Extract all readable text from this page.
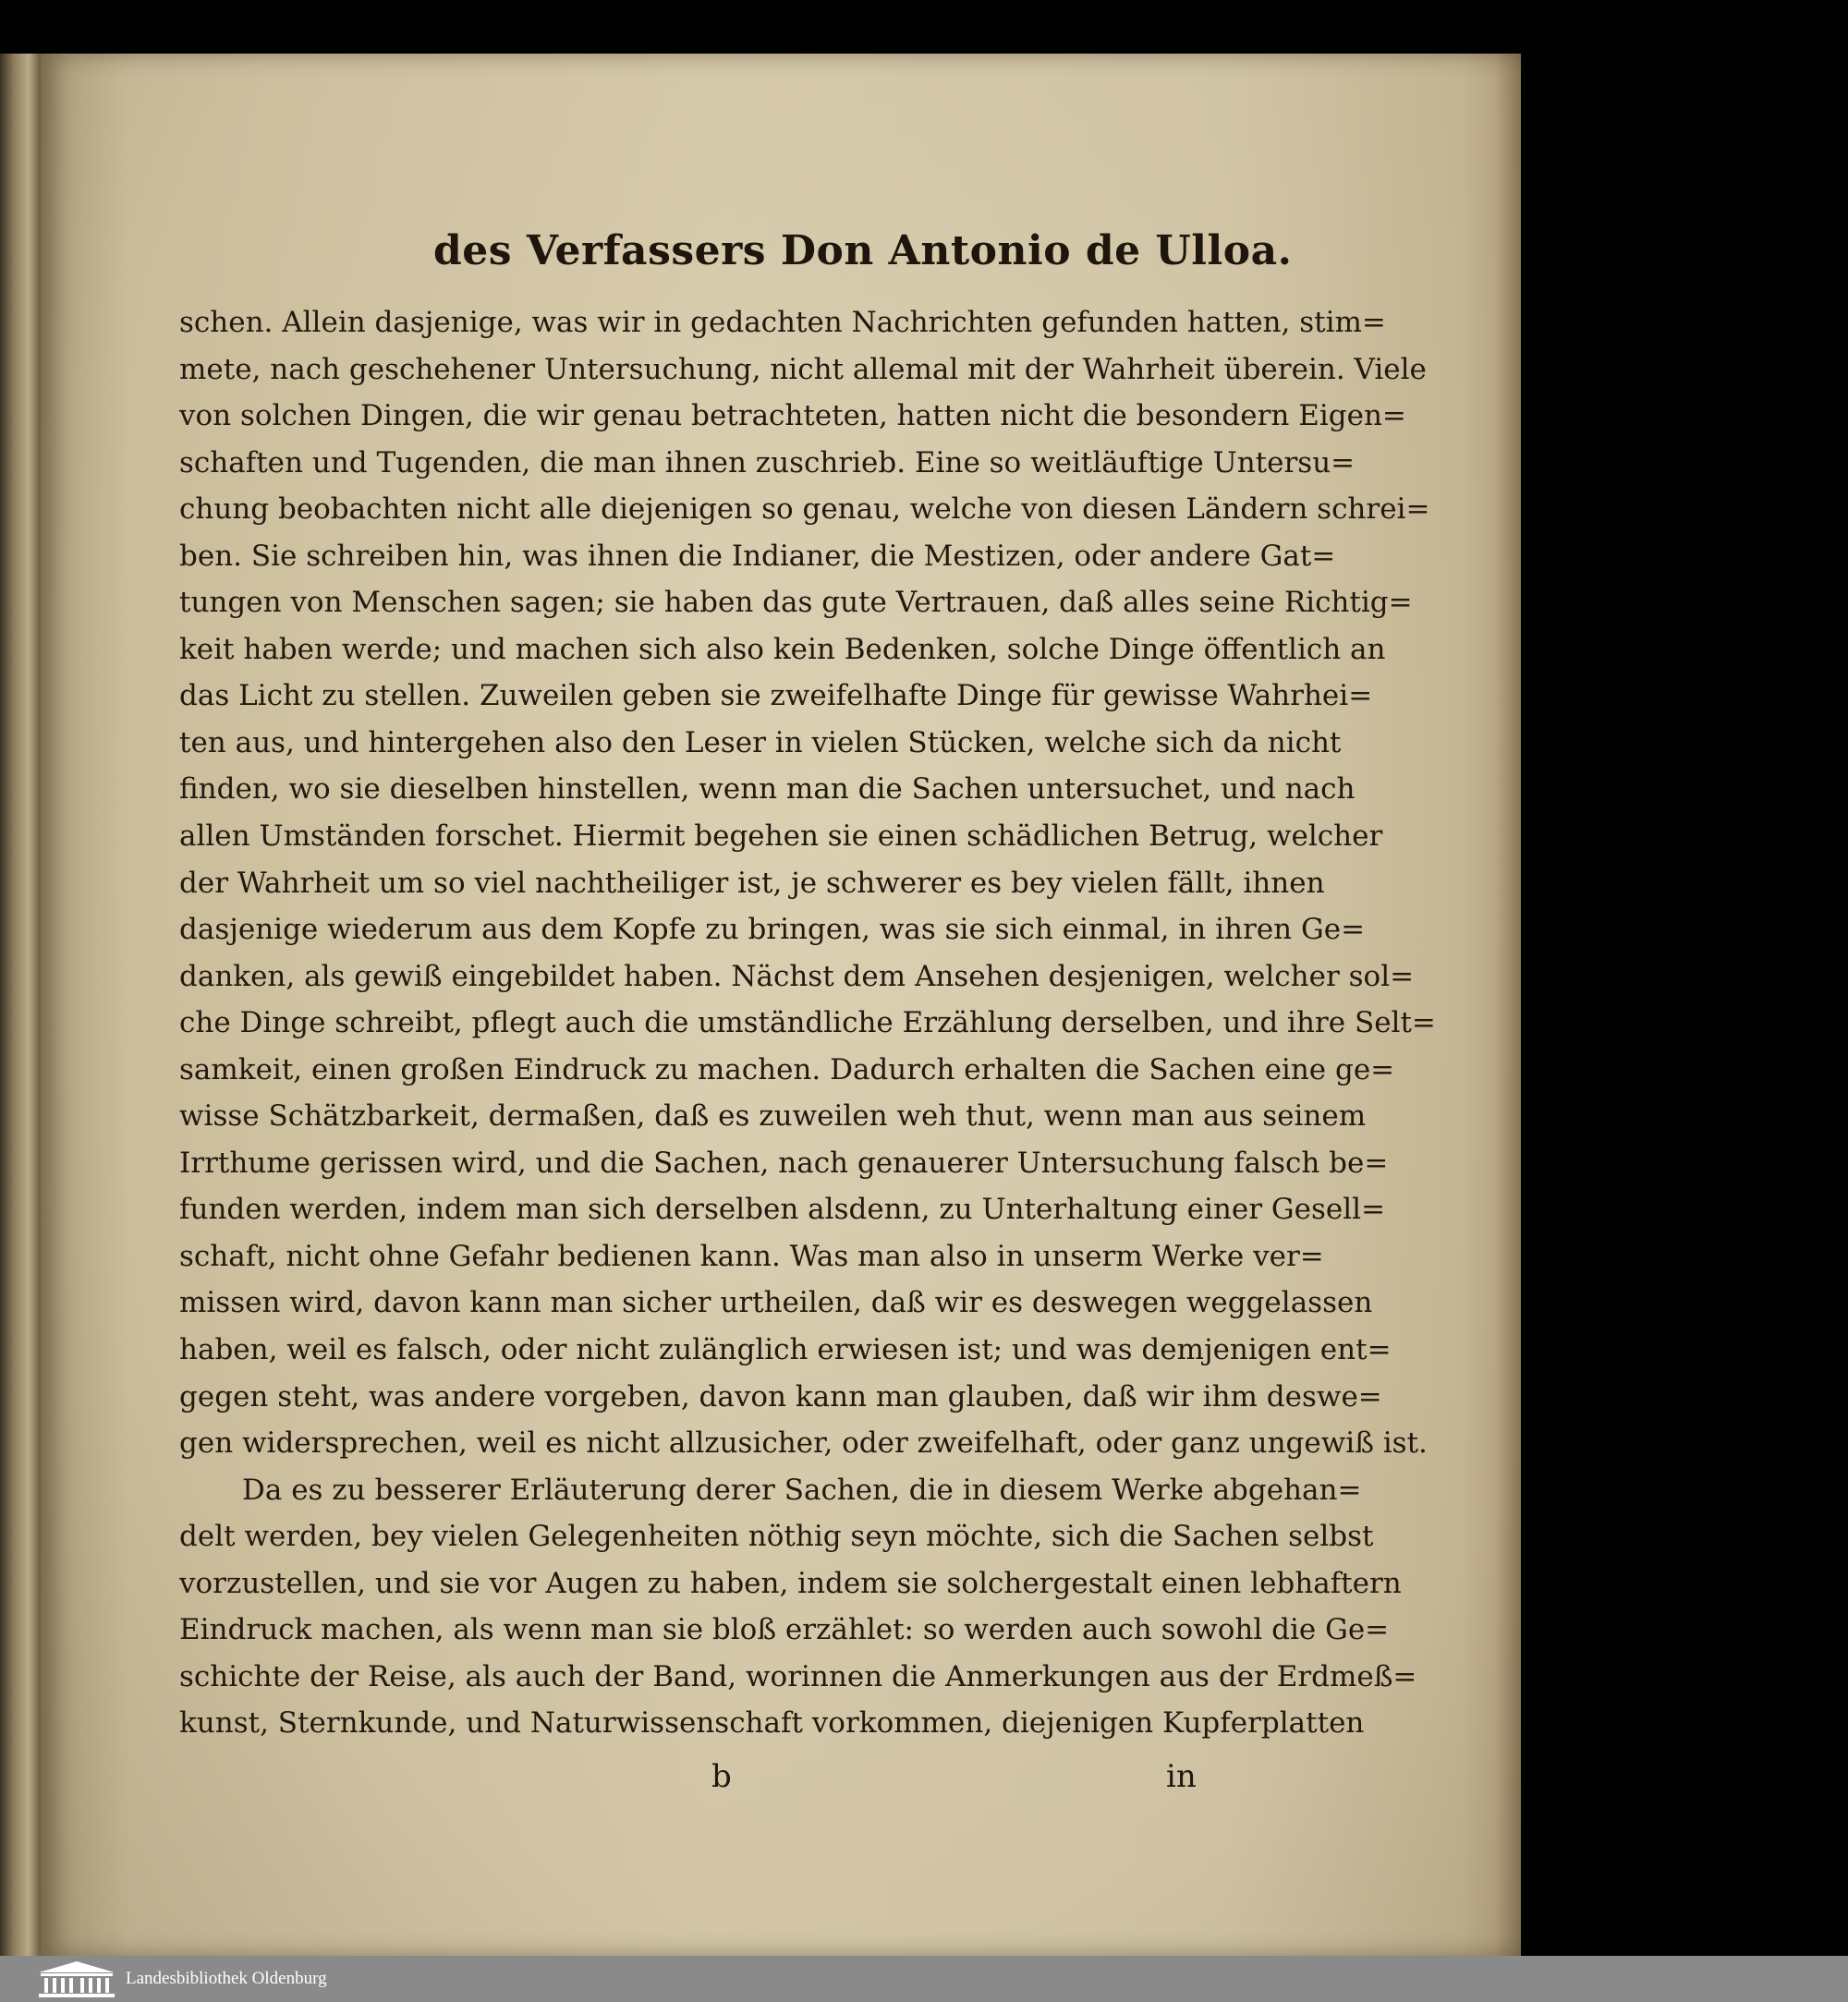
des Verfassers Don Antonio de Ulloa.
schen. Allein dasjenige, was wir in gedachten Nachrichten gefunden hatten, stim=
mete, nach geschehener Untersuchung, nicht allemal mit der Wahrheit überein. Viele
von solchen Dingen, die wir genau betrachteten, hatten nicht die besondern Eigen=
schaften und Tugenden, die man ihnen zuschrieb. Eine so weitläuftige Untersu=
chung beobachten nicht alle diejenigen so genau, welche von diesen Ländern schrei=
ben. Sie schreiben hin, was ihnen die Indianer, die Mestizen, oder andere Gat=
tungen von Menschen sagen; sie haben das gute Vertrauen, daß alles seine Richtig=
keit haben werde; und machen sich also kein Bedenken, solche Dinge öffentlich an
das Licht zu stellen. Zuweilen geben sie zweifelhafte Dinge für gewisse Wahrhei=
ten aus, und hintergehen also den Leser in vielen Stücken, welche sich da nicht
finden, wo sie dieselben hinstellen, wenn man die Sachen untersuchet, und nach
allen Umständen forschet. Hiermit begehen sie einen schädlichen Betrug, welcher
der Wahrheit um so viel nachtheiliger ist, je schwerer es bey vielen fällt, ihnen
dasjenige wiederum aus dem Kopfe zu bringen, was sie sich einmal, in ihren Ge=
danken, als gewiß eingebildet haben. Nächst dem Ansehen desjenigen, welcher sol=
che Dinge schreibt, pflegt auch die umständliche Erzählung derselben, und ihre Selt=
samkeit, einen großen Eindruck zu machen. Dadurch erhalten die Sachen eine ge=
wisse Schätzbarkeit, dermaßen, daß es zuweilen weh thut, wenn man aus seinem
Irrthume gerissen wird, und die Sachen, nach genauerer Untersuchung falsch be=
funden werden, indem man sich derselben alsdenn, zu Unterhaltung einer Gesell=
schaft, nicht ohne Gefahr bedienen kann. Was man also in unserm Werke ver=
missen wird, davon kann man sicher urtheilen, daß wir es deswegen weggelassen
haben, weil es falsch, oder nicht zulänglich erwiesen ist; und was demjenigen ent=
gegen steht, was andere vorgeben, davon kann man glauben, daß wir ihm deswe=
gen widersprechen, weil es nicht allzusicher, oder zweifelhaft, oder ganz ungewiß ist.
Da es zu besserer Erläuterung derer Sachen, die in diesem Werke abgehan=
delt werden, bey vielen Gelegenheiten nöthig seyn möchte, sich die Sachen selbst
vorzustellen, und sie vor Augen zu haben, indem sie solchergestalt einen lebhaftern
Eindruck machen, als wenn man sie bloß erzählet: so werden auch sowohl die Ge=
schichte der Reise, als auch der Band, worinnen die Anmerkungen aus der Erdmeß=
kunst, Sternkunde, und Naturwissenschaft vorkommen, diejenigen Kupferplatten

b	in

Landesbibliothek Oldenburg
